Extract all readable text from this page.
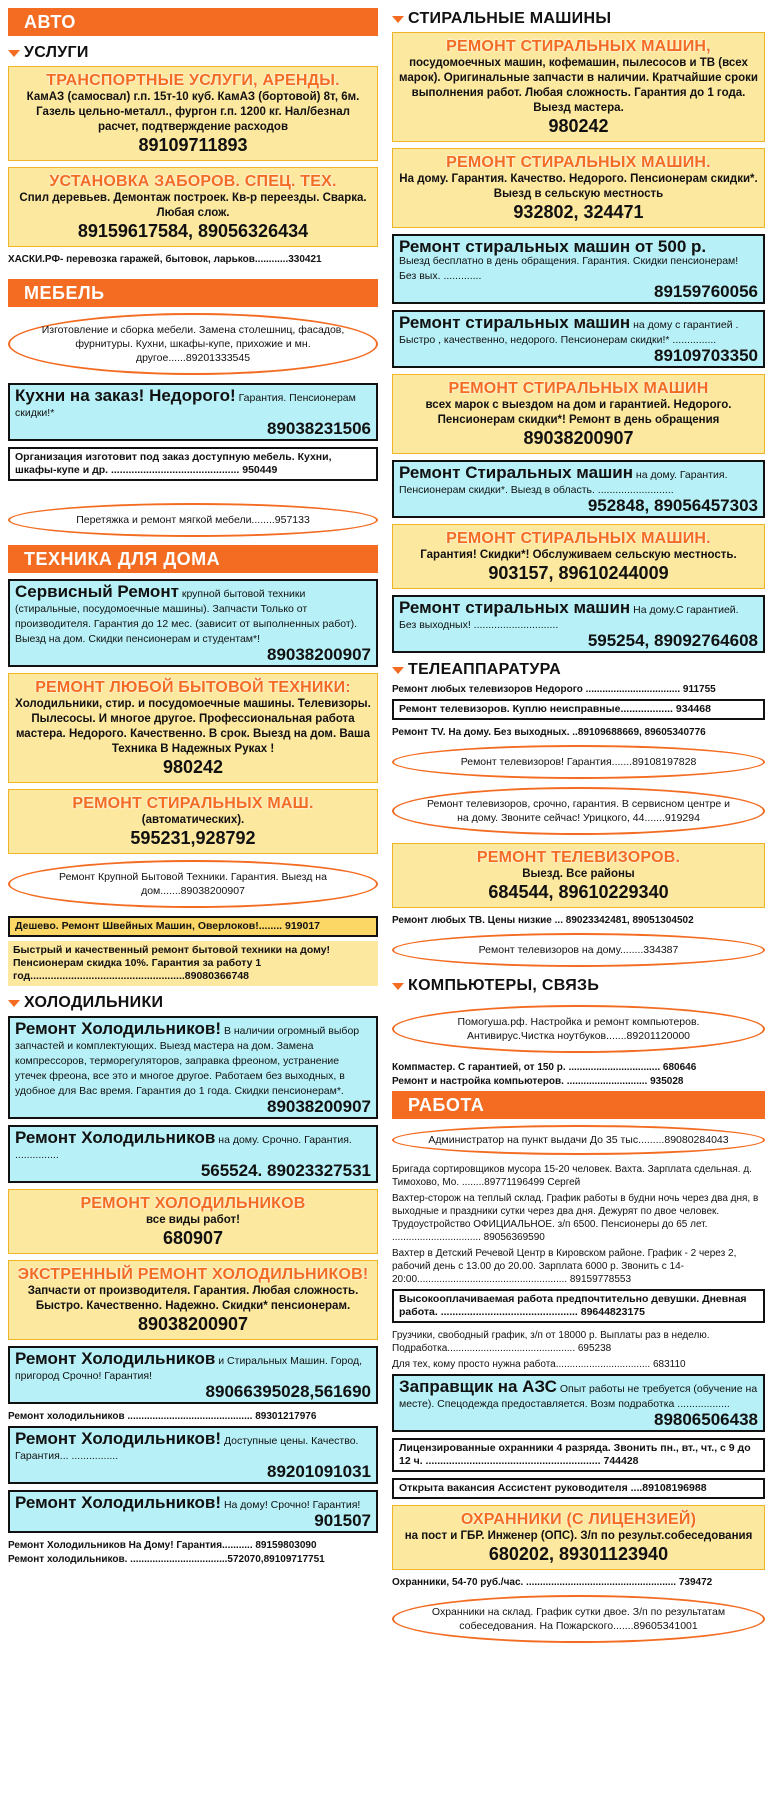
АВТО
УСЛУГИ
ТРАНСПОРТНЫЕ УСЛУГИ, АРЕНДЫ.
КамАЗ (самосвал) г.п. 15т-10 куб. КамАЗ (бортовой) 8т, 6м. Газель цельно-металл., фургон г.п. 1200 кг. Нал/безнал расчет, подтверждение расходов
89109711893
УСТАНОВКА ЗАБОРОВ. СПЕЦ. ТЕХ.
Спил деревьев. Демонтаж построек. Кв-р переезды. Сварка. Любая слож.
89159617584, 89056326434
ХАСКИ.РФ- перевозка гаражей, бытовок, ларьков............330421
МЕБЕЛЬ
Изготовление и сборка мебели. Замена столешниц, фасадов, фурнитуры. Кухни, шкафы-купе, прихожие и мн. другое......89201333545
Кухни на заказ! Недорого! Гарантия. Пенсионерам скидки!*
89038231506
Организация изготовит под заказ доступную мебель. Кухни, шкафы-купе и др. ............................................ 950449
Перетяжка и ремонт мягкой мебели........957133
ТЕХНИКА ДЛЯ ДОМА
Сервисный Ремонт крупной бытовой техники (стиральные, посудомоечные машины). Запчасти Только от производителя. Гарантия до 12 мес. (зависит от выполненных работ). Выезд на дом. Скидки пенсионерам и студентам*!
89038200907
РЕМОНТ ЛЮБОЙ БЫТОВОЙ ТЕХНИКИ:
Холодильники, стир. и посудомоечные машины. Телевизоры. Пылесосы. И многое другое. Профессиональная работа мастера. Недорого. Качественно. В срок. Выезд на дом. Ваша Техника В Надежных Руках !
980242
РЕМОНТ СТИРАЛЬНЫХ МАШ.
(автоматических).
595231,928792
Ремонт Крупной Бытовой Техники. Гарантия. Выезд на дом.......89038200907
Дешево. Ремонт Швейных Машин, Оверлоков!........ 919017
Быстрый и качественный ремонт бытовой техники на дому! Пенсионерам скидка 10%. Гарантия за работу 1 год.....................................................89080366748
ХОЛОДИЛЬНИКИ
Ремонт Холодильников! В наличии огромный выбор запчастей и комплектующих. Выезд мастера на дом. Замена компрессоров, терморегуляторов, заправка фреоном, устранение утечек фреона, все это и многое другое. Работаем без выходных, в удобное для Вас время. Гарантия до 1 года. Скидки пенсионерам*.
89038200907
Ремонт Холодильников на дому. Срочно. Гарантия. ...............
565524. 89023327531
РЕМОНТ ХОЛОДИЛЬНИКОВ
все виды работ!
680907
ЭКСТРЕННЫЙ РЕМОНТ ХОЛОДИЛЬНИКОВ!
Запчасти от производителя. Гарантия. Любая сложность. Быстро. Качественно. Надежно. Скидки* пенсионерам.
89038200907
Ремонт Холодильников и Стиральных Машин. Город, пригород Срочно! Гарантия!
89066395028,561690
Ремонт холодильников ............................................. 89301217976
Ремонт Холодильников! Доступные цены. Качество. Гарантия... ................
89201091031
Ремонт Холодильников! На дому! Срочно! Гарантия!
901507
Ремонт Холодильников На Дому! Гарантия........... 89159803090
Ремонт холодильников. ...................................572070,89109717751
СТИРАЛЬНЫЕ МАШИНЫ
РЕМОНТ СТИРАЛЬНЫХ МАШИН,
посудомоечных машин, кофемашин, пылесосов и ТВ (всех марок). Оригинальные запчасти в наличии. Кратчайшие сроки выполнения работ. Любая сложность. Гарантия до 1 года. Выезд мастера.
980242
РЕМОНТ СТИРАЛЬНЫХ МАШИН.
На дому. Гарантия. Качество. Недорого. Пенсионерам скидки*. Выезд в сельскую местность
932802, 324471
Ремонт стиральных машин от 500 р.
Выезд бесплатно в день обращения. Гарантия. Скидки пенсионерам! Без вых. .............
89159760056
Ремонт стиральных машин на дому с гарантией . Быстро , качественно, недорого. Пенсионерам скидки!* ...............
89109703350
РЕМОНТ СТИРАЛЬНЫХ МАШИН
всех марок с выездом на дом и гарантией. Недорого. Пенсионерам скидки*! Ремонт в день обращения
89038200907
Ремонт Стиральных машин на дому. Гарантия. Пенсионерам скидки*. Выезд в область. ..........................
952848, 89056457303
РЕМОНТ СТИРАЛЬНЫХ МАШИН.
Гарантия! Скидки*! Обслуживаем сельскую местность.
903157, 89610244009
Ремонт стиральных машин На дому.С гарантией. Без выходных! .............................
595254, 89092764608
ТЕЛЕАППАРАТУРА
Ремонт любых телевизоров Недорого .................................. 911755
Ремонт телевизоров. Куплю неисправные.................. 934468
Ремонт TV. На дому. Без выходных. ..89109688669, 89605340776
Ремонт телевизоров! Гарантия.......89108197828
Ремонт телевизоров, срочно, гарантия. В сервисном центре и на дому. Звоните сейчас! Урицкого, 44.......919294
РЕМОНТ ТЕЛЕВИЗОРОВ.
Выезд. Все районы
684544, 89610229340
Ремонт любых ТВ. Цены низкие ... 89023342481, 89051304502
Ремонт телевизоров на дому........334387
КОМПЬЮТЕРЫ, СВЯЗЬ
Помогуша.рф. Настройка и ремонт компьютеров. Антивирус.Чистка ноутбуков.......89201120000
Компмастер. С гарантией, от 150 р. ................................. 680646
Ремонт и настройка компьютеров. ............................. 935028
РАБОТА
Администратор на пункт выдачи До 35 тыс.........89080284043
Бригада сортировщиков мусора 15-20 человек. Вахта. Зарплата сдельная. д. Тимохово, Мо. ........89771196499 Сергей
Вахтер-сторож на теплый склад. График работы в будни ночь через два дня, в выходные и праздники сутки через два дня. Дежурят по двое человек. Трудоустройство ОФИЦИАЛЬНОЕ. з/п 6500. Пенсионеры до 65 лет. ................................ 89056369590
Вахтер в Детский Речевой Центр в Кировском районе. График - 2 через 2, рабочий день с 13.00 до 20.00. Зарплата 6000 р. Звонить с 14-20:00...................................................... 89159778553
Высокооплачиваемая работа предпочтительно девушки. Дневная работа. ............................................... 89644823175
Грузчики, свободный график, з/п от 18000 р. Выплаты раз в неделю. Подработка.............................................. 695238
Для тех, кому просто нужна работа.................................. 683110
Заправщик на АЗС Опыт работы не требуется (обучение на месте). Спецодежда предоставляется. Возм подработка ..................
89806506438
Лицензированные охранники 4 разряда. Звонить пн., вт., чт., с 9 до 12 ч. ............................................................ 744428
Открыта вакансия Ассистент руководителя ....89108196988
ОХРАННИКИ (С ЛИЦЕНЗИЕЙ)
на пост и ГБР. Инженер (ОПС). З/п по результ.собеседования
680202, 89301123940
Охранники, 54-70 руб./час. ...................................................... 739472
Охранники на склад. График сутки двое. З/п по результатам собеседования. На Пожарского.......89605341001
